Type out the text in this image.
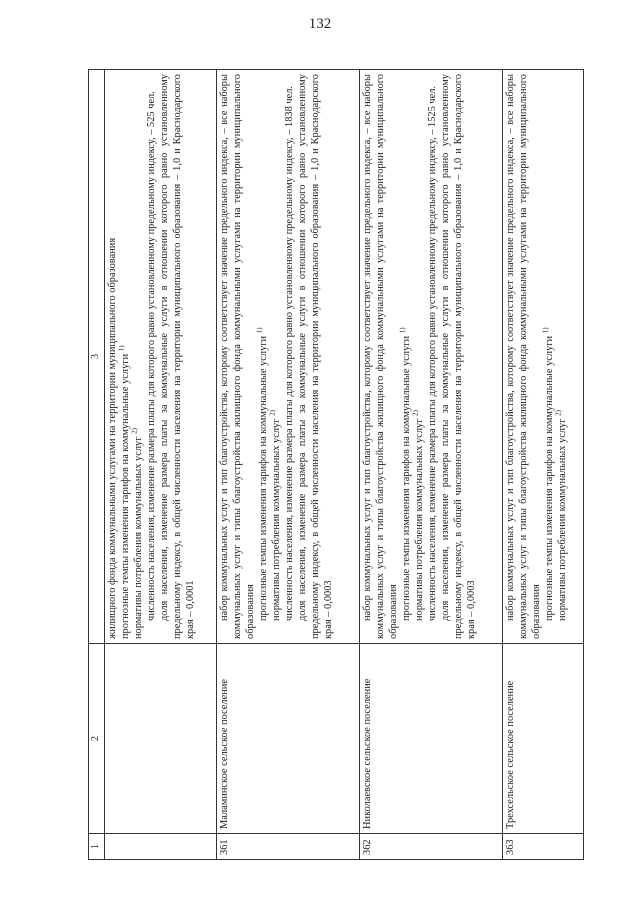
132
1	2	3

		жилищного фонда коммунальными услугами на территории муниципального образования прогнозные темпы изменения тарифов на коммунальные услуги $^{1)}$
нормативы потребления коммунальных услуг $^{2)}$ численность населения, изменение размера платы для которого равно установленному предельному индексу, – 525 чел. доля населения, изменение размера платы за коммунальные услуги в отношении которого равно установленному предельному индексу, в общей численности населения на территории муниципального образования – 1,0 и Краснодарского края – 0,0001

361	Маламинское сельское поселение	набор коммунальных услуг и тип благоустройства, которому соответствует значение предельного индекса, – все наборы коммунальных услуг и типы благоустройства жилищного фонда коммунальными услугами на территории муниципального образования прогнозные темпы изменения тарифов на коммунальные услуги $^{1)}$
нормативы потребления коммунальных услуг $^{2)}$ численность населения, изменение размера платы для которого равно установленному предельному индексу, – 1838 чел. доля населения, изменение размера платы за коммунальные услуги в отношении которого равно установленному предельному индексу, в общей численности населения на территории муниципального образования – 1,0 и Краснодарского края – 0,0003

362	Николаевское сельское поселение	набор коммунальных услуг и тип благоустройства, которому соответствует значение предельного индекса, – все наборы коммунальных услуг и типы благоустройства жилищного фонда коммунальными услугами на территории муниципального образования прогнозные темпы изменения тарифов на коммунальные услуги $^{1)}$
нормативы потребления коммунальных услуг $^{2)}$ численность населения, изменение размера платы для которого равно установленному предельному индексу, – 1525 чел. доля населения, изменение размера платы за коммунальные услуги в отношении которого равно установленному предельному индексу, в общей численности населения на территории муниципального образования – 1,0 и Краснодарского края – 0,0003

363	Трехсельское сельское поселение	набор коммунальных услуг и тип благоустройства, которому соответствует значение предельного индекса, – все наборы коммунальных услуг и типы благоустройства жилищного фонда коммунальными услугами на территории муниципального образования прогнозные темпы изменения тарифов на коммунальные услуги $^{1)}$
нормативы потребления коммунальных услуг $^{2)}$
